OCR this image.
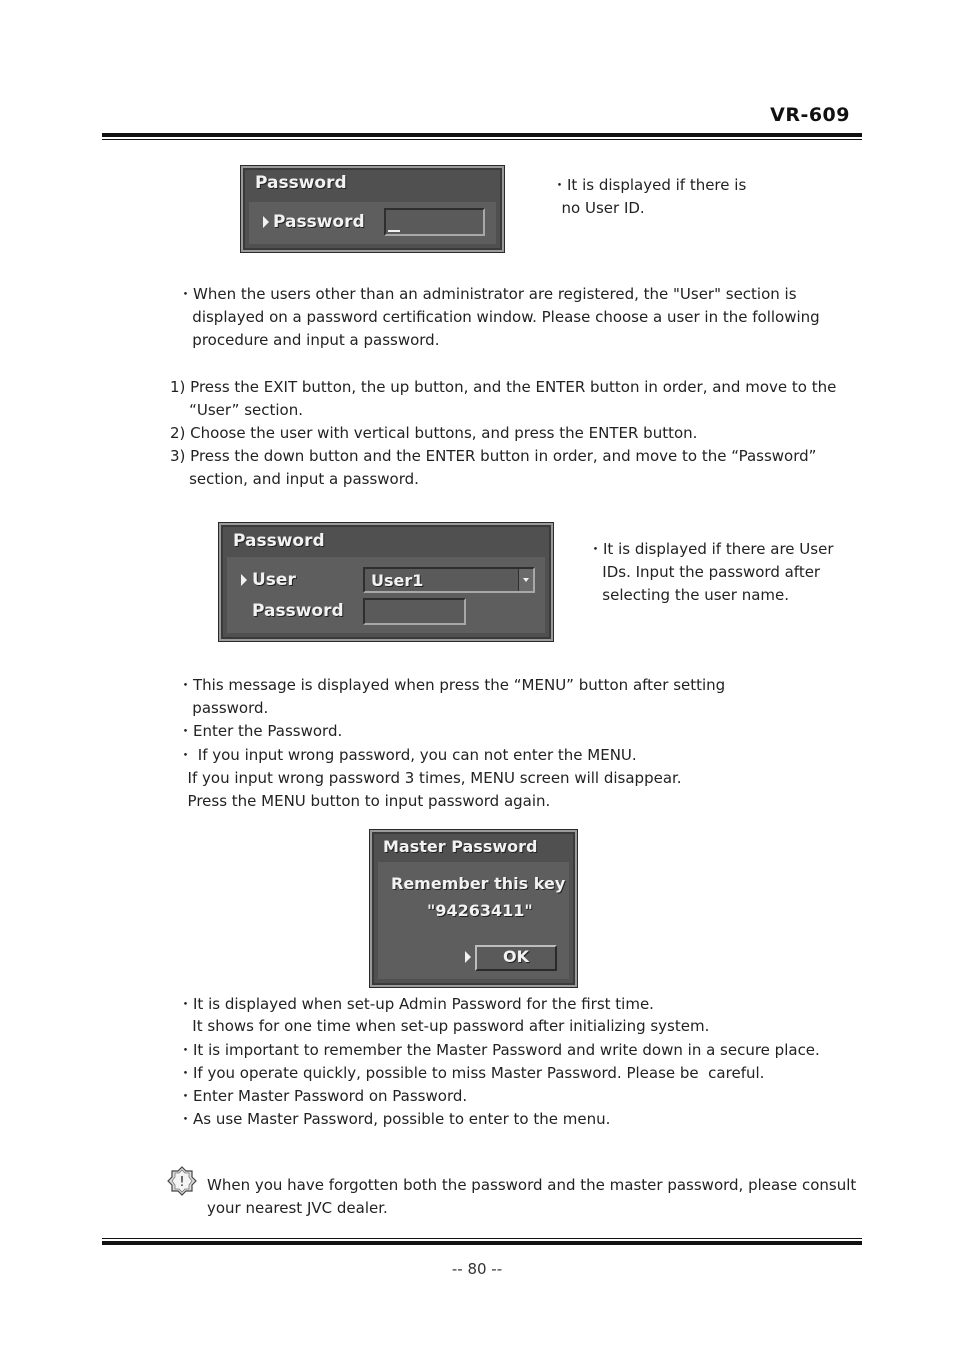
VR-609
Password
Password
・It is displayed if there is
no User ID.
・When the users other than an administrator are registered, the "User" section is
displayed on a password certification window. Please choose a user in the following
procedure and input a password.
1) Press the EXIT button, the up button, and the ENTER button in order, and move to the
“User” section.
2) Choose the user with vertical buttons, and press the ENTER button.
3) Press the down button and the ENTER button in order, and move to the “Password”
section, and input a password.
Password
User	User1
Password
・It is displayed if there are User
IDs. Input the password after
selecting the user name.
・This message is displayed when press the “MENU” button after setting
password.
・Enter the Password.
・ If you input wrong password, you can not enter the MENU.
If you input wrong password 3 times, MENU screen will disappear.
Press the MENU button to input password again.
Master Password
Remember this key
"94263411"
OK
・It is displayed when set-up Admin Password for the first time.
It shows for one time when set-up password after initializing system.
・It is important to remember the Master Password and write down in a secure place.
・If you operate quickly, possible to miss Master Password. Please be  careful.
・Enter Master Password on Password.
・As use Master Password, possible to enter to the menu.
! When you have forgotten both the password and the master password, please consult
your nearest JVC dealer.
-- 80 --
